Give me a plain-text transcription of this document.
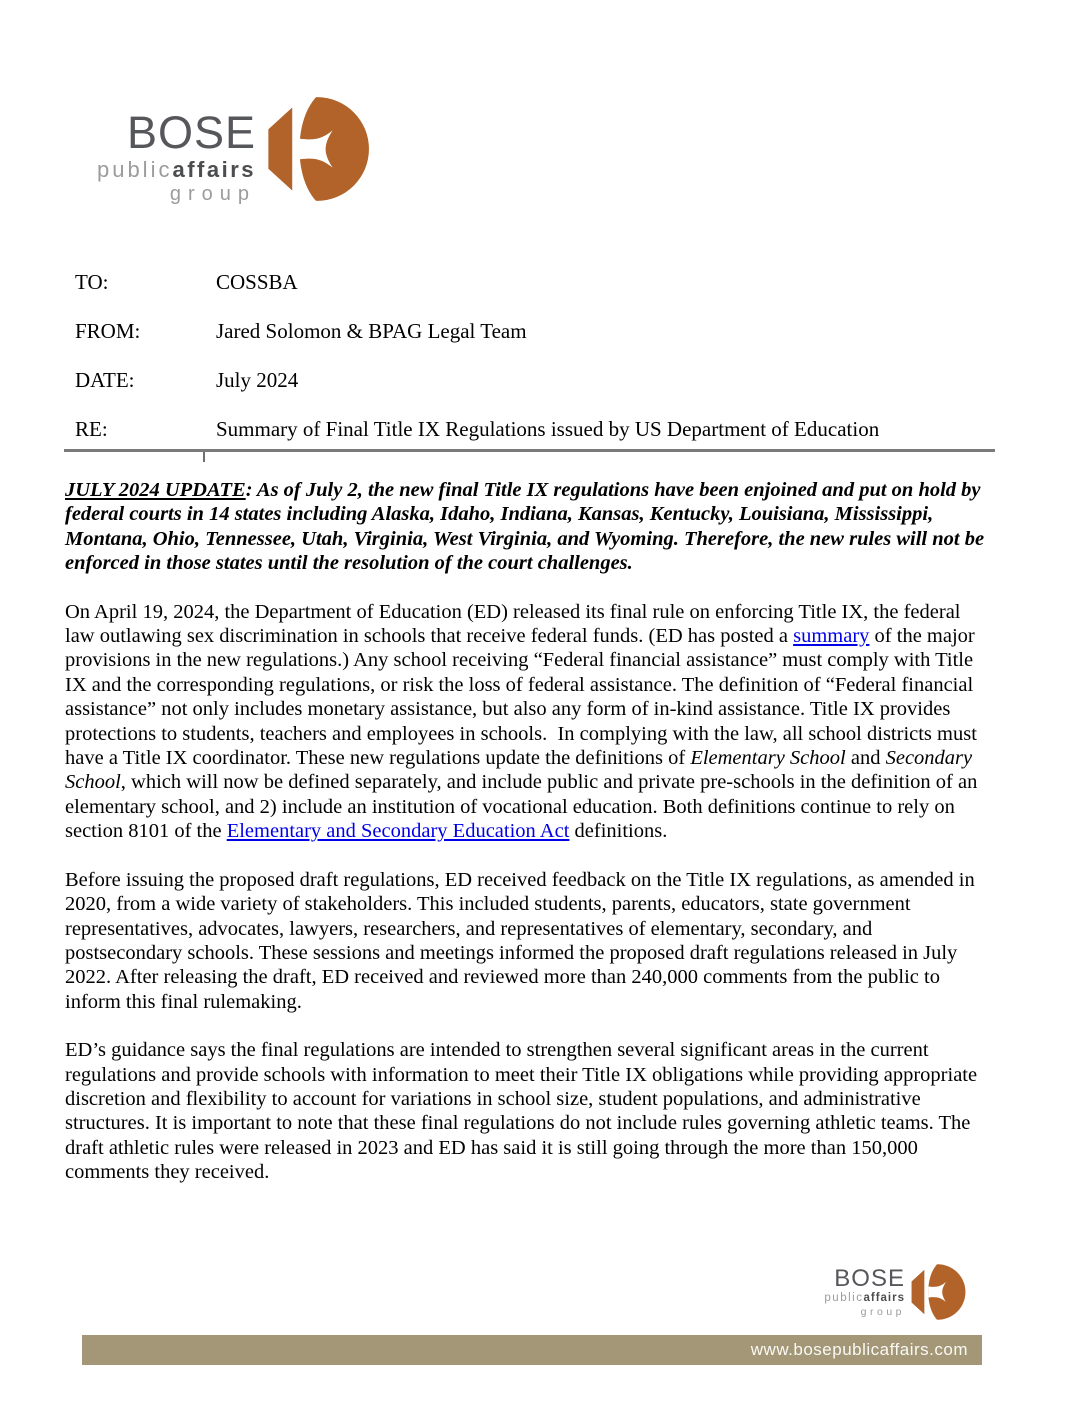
BOSE
publicaffairs
group
TO:	COSSBA
FROM:	Jared Solomon & BPAG Legal Team
DATE:	July 2024
RE:	Summary of Final Title IX Regulations issued by US Department of Education

JULY 2024 UPDATE: As of July 2, the new final Title IX regulations have been enjoined and put on hold by federal courts in 14 states including Alaska, Idaho, Indiana, Kansas, Kentucky, Louisiana, Mississippi, Montana, Ohio, Tennessee, Utah, Virginia, West Virginia, and Wyoming. Therefore, the new rules will not be enforced in those states until the resolution of the court challenges.

On April 19, 2024, the Department of Education (ED) released its final rule on enforcing Title IX, the federal law outlawing sex discrimination in schools that receive federal funds. (ED has posted a summary of the major provisions in the new regulations.) Any school receiving “Federal financial assistance” must comply with Title IX and the corresponding regulations, or risk the loss of federal assistance. The definition of “Federal financial assistance” not only includes monetary assistance, but also any form of in-kind assistance. Title IX provides protections to students, teachers and employees in schools.  In complying with the law, all school districts must have a Title IX coordinator. These new regulations update the definitions of Elementary School and Secondary School, which will now be defined separately, and include public and private pre-schools in the definition of an elementary school, and 2) include an institution of vocational education. Both definitions continue to rely on section 8101 of the Elementary and Secondary Education Act definitions.

Before issuing the proposed draft regulations, ED received feedback on the Title IX regulations, as amended in 2020, from a wide variety of stakeholders. This included students, parents, educators, state government representatives, advocates, lawyers, researchers, and representatives of elementary, secondary, and postsecondary schools. These sessions and meetings informed the proposed draft regulations released in July 2022. After releasing the draft, ED received and reviewed more than 240,000 comments from the public to inform this final rulemaking.

ED’s guidance says the final regulations are intended to strengthen several significant areas in the current regulations and provide schools with information to meet their Title IX obligations while providing appropriate discretion and flexibility to account for variations in school size, student populations, and administrative structures. It is important to note that these final regulations do not include rules governing athletic teams. The draft athletic rules were released in 2023 and ED has said it is still going through the more than 150,000 comments they received.

BOSE
publicaffairs
group
www.bosepublicaffairs.com
